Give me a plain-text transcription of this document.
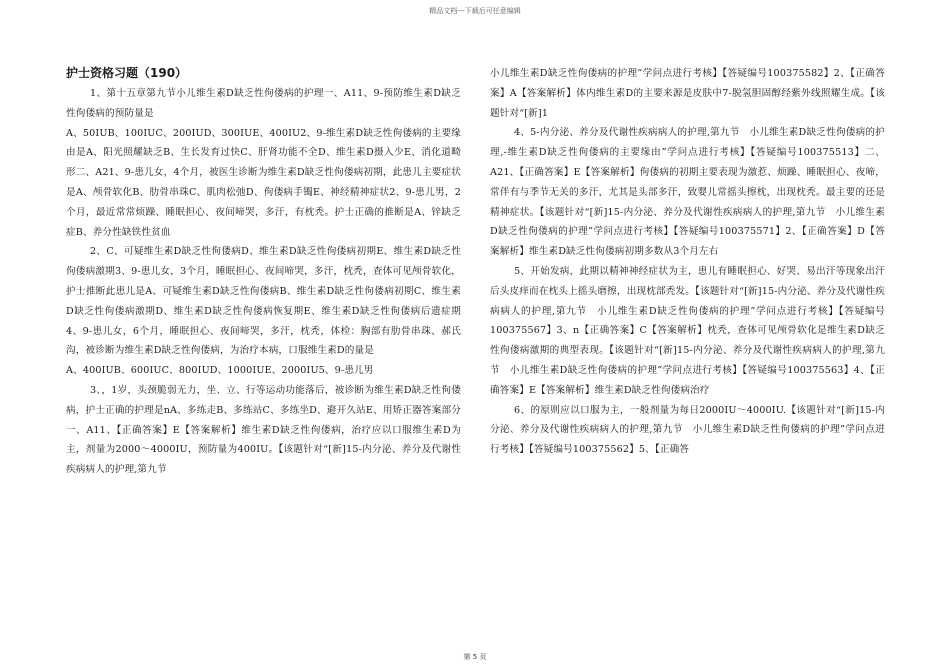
精品文档---下载后可任意编辑
护士资格习题（190）

1、第十五章第九节小儿维生素D缺乏性佝偻病的护理一、A11、9-预防维生素D缺乏性佝偻病的预防量是

A、50IUB、100IUC、200IUD、300IUE、400IU2、9-维生素D缺乏性佝偻病的主要缘由是A、阳光照耀缺乏B、生长发育过快C、肝肾功能不全D、维生素D摄入少E、消化道畸形二、A21、9-患儿女，4个月，被医生诊断为维生素D缺乏性佝偻病初期，此患儿主要症状是A、颅骨软化B、肋骨串珠C、肌肉松弛D、佝偻病手镯E、神经精神症状2、9-患儿男，2个月，最近常常烦躁、睡眠担心、夜间啼哭，多汗，有枕秃。护士正确的推断是A、锌缺乏症B、养分性缺铁性贫血

2、C、可疑维生素D缺乏性佝偻病D、维生素D缺乏性佝偻病初期E、维生素D缺乏性佝偻病激期3、9-患儿女，3个月，睡眠担心、夜间啼哭，多汗，枕秃，查体可见颅骨软化，护士推断此患儿是A、可疑维生素D缺乏性佝偻病B、维生素D缺乏性佝偻病初期C、维生素D缺乏性佝偻病激期D、维生素D缺乏性佝偻病恢复期E、维生素D缺乏性佝偻病后遗症期4、9-患儿女，6个月，睡眠担心、夜间啼哭，多汗，枕秃，体检：胸部有肋骨串珠、郝氏沟，被诊断为维生素D缺乏性佝偻病，为治疗本病，口服维生素D的量是

A、400IUB、600IUC、800IUD、1000IUE、2000IU5、9-患儿男

3、，1岁，头颈脆弱无力，坐、立、行等运动功能落后，被诊断为维生素D缺乏性佝偻病，护士正确的护理是nA、多练走B、多练站C、多练坐D、避开久站E、用矫正器答案部分一、A11、【正确答案】E【答案解析】维生素D缺乏性佝偻病，治疗应以口服维生素D为主，剂量为2000～4000IU，预防量为400IU。【该题针对“[新]15-内分泌、养分及代谢性疾病病人的护理,第九节

小儿维生素D缺乏性佝偻病的护理”学问点进行考核】【答疑编号100375582】2、【正确答案】A【答案解析】体内维生素D的主要来源是皮肤中7-脱氢胆固醇经紫外线照耀生成。【该题针对“[新]1

4、5-内分泌、养分及代谢性疾病病人的护理,第九节　小儿维生素D缺乏性佝偻病的护理,-维生素D缺乏性佝偻病的主要缘由”学问点进行考核】【答疑编号100375513】二、A21、【正确答案】E【答案解析】佝偻病的初期主要表现为激惹、烦躁、睡眠担心、夜啼，常伴有与季节无关的多汗，尤其是头部多汗，致婴儿常摇头擦枕，出现枕秃。最主要的还是精神症状。【该题针对“[新]15-内分泌、养分及代谢性疾病病人的护理,第九节　小儿维生素D缺乏性佝偻病的护理”学问点进行考核】【答疑编号100375571】2、【正确答案】D【答案解析】维生素D缺乏性佝偻病初期多数从3个月左右

5、开始发病，此期以精神神经症状为主，患儿有睡眠担心、好哭、易出汗等现象出汗后头皮痒而在枕头上摇头磨擦，出现枕部秃发。【该题针对“[新]15-内分泌、养分及代谢性疾病病人的护理,第九节　小儿维生素D缺乏性佝偻病的护理”学问点进行考核】【答疑编号100375567】3、n【正确答案】C【答案解析】枕秃，查体可见颅骨软化是维生素D缺乏性佝偻病激期的典型表现。【该题针对“[新]15-内分泌、养分及代谢性疾病病人的护理,第九节　小儿维生素D缺乏性佝偻病的护理”学问点进行考核】【答疑编号100375563】4、【正确答案】E【答案解析】维生素D缺乏性佝偻病治疗

6、的原则应以口服为主，一般剂量为每日2000IU～4000IU.【该题针对“[新]15-内分泌、养分及代谢性疾病病人的护理,第九节　小儿维生素D缺乏性佝偻病的护理”学问点进行考核】【答疑编号100375562】5、【正确答

第 5 页
